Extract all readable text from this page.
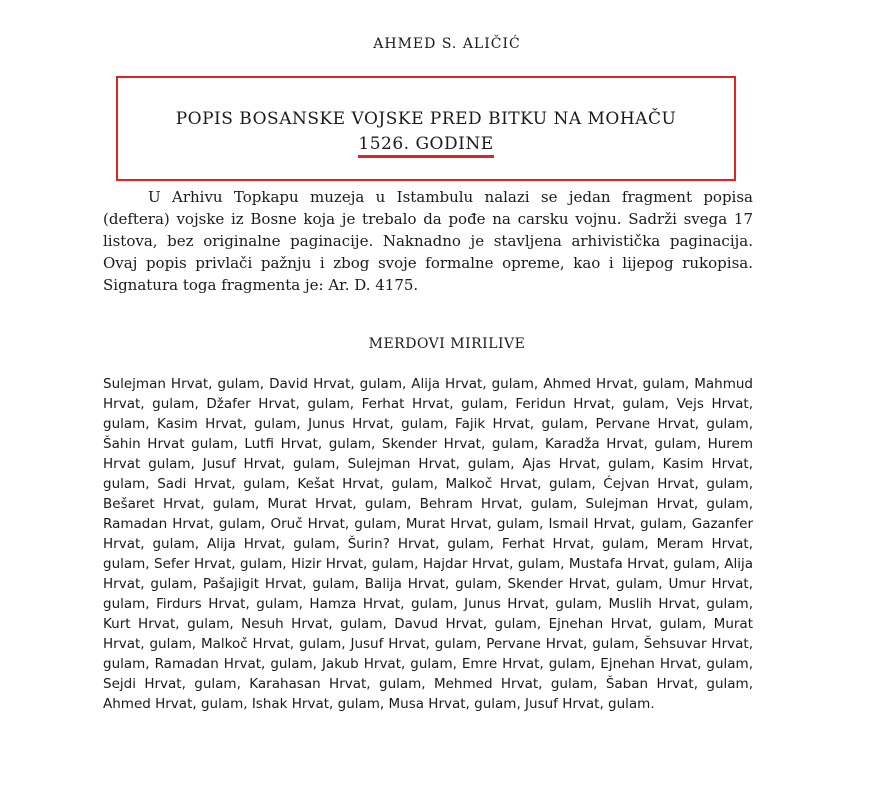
AHMED S. ALIČIĆ
POPIS BOSANSKE VOJSKE PRED BITKU NA MOHAČU
1526. GODINE
U Arhivu Topkapu muzeja u Istambulu nalazi se jedan fragment popisa (deftera) vojske iz Bosne koja je trebalo da pođe na carsku vojnu. Sadrži svega 17 listova, bez originalne paginacije. Naknadno je stavljena arhivistička paginacija. Ovaj popis privlači pažnju i zbog svoje formalne opreme, kao i lijepog rukopisa. Signatura toga fragmenta je: Ar. D. 4175.
MERDOVI MIRILIVE
Sulejman Hrvat, gulam, David Hrvat, gulam, Alija Hrvat, gulam, Ahmed Hrvat, gulam, Mahmud Hrvat, gulam, Džafer Hrvat, gulam, Ferhat Hrvat, gulam, Feridun Hrvat, gulam, Vejs Hrvat, gulam, Kasim Hrvat, gulam, Junus Hrvat, gulam, Fajik Hrvat, gulam, Pervane Hrvat, gulam, Šahin Hrvat gulam, Lutfi Hrvat, gulam, Skender Hrvat, gulam, Karadža Hrvat, gulam, Hurem Hrvat gulam, Jusuf Hrvat, gulam, Sulejman Hrvat, gulam, Ajas Hrvat, gulam, Kasim Hrvat, gulam, Sadi Hrvat, gulam, Kešat Hrvat, gulam, Malkoč Hrvat, gulam, Ćejvan Hrvat, gulam, Bešaret Hrvat, gulam, Murat Hrvat, gulam, Behram Hrvat, gulam, Sulejman Hrvat, gulam, Ramadan Hrvat, gulam, Oruč Hrvat, gulam, Murat Hrvat, gulam, Ismail Hrvat, gulam, Gazanfer Hrvat, gulam, Alija Hrvat, gulam, Šurin? Hrvat, gulam, Ferhat Hrvat, gulam, Meram Hrvat, gulam, Sefer Hrvat, gulam, Hizir Hrvat, gulam, Hajdar Hrvat, gulam, Mustafa Hrvat, gulam, Alija Hrvat, gulam, Pašajigit Hrvat, gulam, Balija Hrvat, gulam, Skender Hrvat, gulam, Umur Hrvat, gulam, Firdurs Hrvat, gulam, Hamza Hrvat, gulam, Junus Hrvat, gulam, Muslih Hrvat, gulam, Kurt Hrvat, gulam, Nesuh Hrvat, gulam, Davud Hrvat, gulam, Ejnehan Hrvat, gulam, Murat Hrvat, gulam, Malkoč Hrvat, gulam, Jusuf Hrvat, gulam, Pervane Hrvat, gulam, Šehsuvar Hrvat, gulam, Ramadan Hrvat, gulam, Jakub Hrvat, gulam, Emre Hrvat, gulam, Ejnehan Hrvat, gulam, Sejdi Hrvat, gulam, Karahasan Hrvat, gulam, Mehmed Hrvat, gulam, Šaban Hrvat, gulam, Ahmed Hrvat, gulam, Ishak Hrvat, gulam, Musa Hrvat, gulam, Jusuf Hrvat, gulam.
